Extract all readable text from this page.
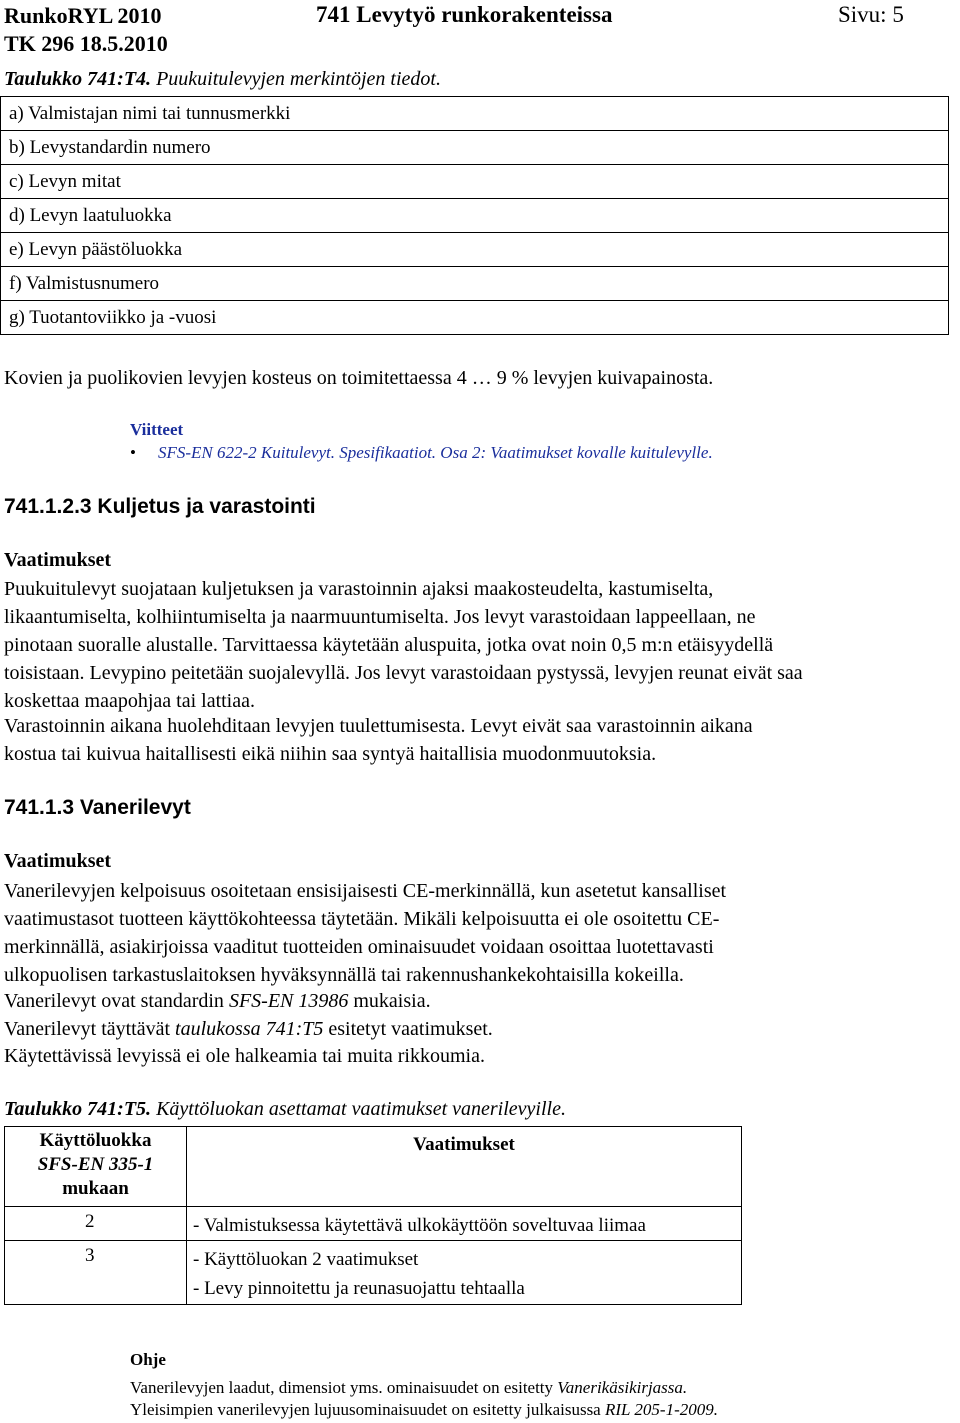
RunkoRYL 2010
TK 296 18.5.2010
741 Levytyö runkorakenteissa	Sivu: 5
Taulukko 741:T4. Puukuitulevyjen merkintöjen tiedot.
a) Valmistajan nimi tai tunnusmerkki
b) Levystandardin numero
c) Levyn mitat
d) Levyn laatuluokka
e) Levyn päästöluokka
f) Valmistusnumero
g) Tuotantoviikko ja -vuosi
Kovien ja puolikovien levyjen kosteus on toimitettaessa 4 … 9 % levyjen kuivapainosta.
Viitteet
• SFS-EN 622-2 Kuitulevyt. Spesifikaatiot. Osa 2: Vaatimukset kovalle kuitulevylle.
741.1.2.3 Kuljetus ja varastointi
Vaatimukset
Puukuitulevyt suojataan kuljetuksen ja varastoinnin ajaksi maakosteudelta, kastumiselta,
likaantumiselta, kolhiintumiselta ja naarmuuntumiselta. Jos levyt varastoidaan lappeellaan, ne
pinotaan suoralle alustalle. Tarvittaessa käytetään aluspuita, jotka ovat noin 0,5 m:n etäisyydellä
toisistaan. Levypino peitetään suojalevyllä. Jos levyt varastoidaan pystyssä, levyjen reunat eivät saa
koskettaa maapohjaa tai lattiaa.
Varastoinnin aikana huolehditaan levyjen tuulettumisesta. Levyt eivät saa varastoinnin aikana
kostua tai kuivua haitallisesti eikä niihin saa syntyä haitallisia muodonmuutoksia.
741.1.3 Vanerilevyt
Vaatimukset
Vanerilevyjen kelpoisuus osoitetaan ensisijaisesti CE-merkinnällä, kun asetetut kansalliset
vaatimustasot tuotteen käyttökohteessa täytetään. Mikäli kelpoisuutta ei ole osoitettu CE-
merkinnällä, asiakirjoissa vaaditut tuotteiden ominaisuudet voidaan osoittaa luotettavasti
ulkopuolisen tarkastuslaitoksen hyväksynnällä tai rakennushankekohtaisilla kokeilla.
Vanerilevyt ovat standardin SFS-EN 13986 mukaisia.
Vanerilevyt täyttävät taulukossa 741:T5 esitetyt vaatimukset.
Käytettävissä levyissä ei ole halkeamia tai muita rikkoumia.
Taulukko 741:T5. Käyttöluokan asettamat vaatimukset vanerilevyille.
Käyttöluokka
SFS-EN 335-1
mukaan	Vaatimukset
2	- Valmistuksessa käytettävä ulkokäyttöön soveltuvaa liimaa

3	- Käyttöluokan 2 vaatimukset
- Levy pinnoitettu ja reunasuojattu tehtaalla
Ohje
Vanerilevyjen laadut, dimensiot yms. ominaisuudet on esitetty Vanerikäsikirjassa.
Yleisimpien vanerilevyjen lujuusominaisuudet on esitetty julkaisussa RIL 205-1-2009.
